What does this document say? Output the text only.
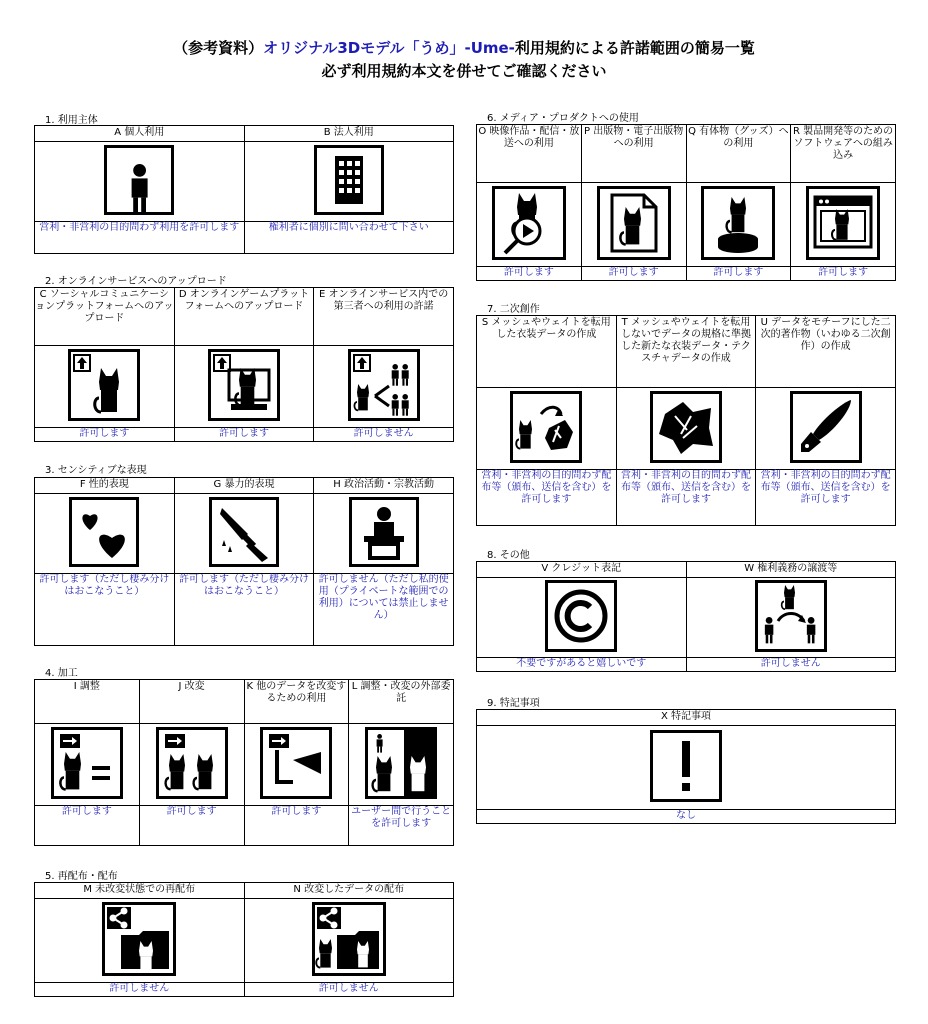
（参考資料）オリジナル3Dモデル「うめ」-Ume-利用規約による許諾範囲の簡易一覧
必ず利用規約本文を併せてご確認ください
1. 利用主体
A 個人利用	B 法人利用

営利・非営利の目的問わず利用を許可します	権利者に個別に問い合わせて下さい
2. オンラインサービスへのアップロード
C ソーシャルコミュニケーションプラットフォームへのアップロード	D オンラインゲームプラットフォームへのアップロード	E オンラインサービス内での第三者への利用の許諾

許可します	許可します	許可しません
3. センシティブな表現
F 性的表現	G 暴力的表現	H 政治活動・宗教活動

許可します（ただし棲み分けはおこなうこと）	許可します（ただし棲み分けはおこなうこと）	許可しません（ただし私的使用（プライベートな範囲での利用）については禁止しません）
4. 加工
I 調整	J 改変	K 他のデータを改変するための利用	L 調整・改変の外部委託

許可します	許可します	許可します	ユーザー間で行うことを許可します
5. 再配布・配布
M 未改変状態での再配布	N 改変したデータの配布

許可しません	許可しません
6. メディア・プロダクトへの使用
O 映像作品・配信・放送への利用	P 出版物・電子出版物への利用	Q 有体物（グッズ）への利用	R 製品開発等のためのソフトウェアへの組み込み

許可します	許可します	許可します	許可します
7. 二次創作
S メッシュやウェイトを転用した衣装データの作成	T メッシュやウェイトを転用しないでデータの規格に準拠した新たな衣装データ・テクスチャデータの作成	U データをモチーフにした二次的著作物（いわゆる二次創作）の作成

営利・非営利の目的問わず配布等（頒布、送信を含む）を許可します	営利・非営利の目的問わず配布等（頒布、送信を含む）を許可します	営利・非営利の目的問わず配布等（頒布、送信を含む）を許可します
8. その他
V クレジット表記	W 権利義務の譲渡等

不要ですがあると嬉しいです	許可しません
9. 特記事項
X 特記事項

なし
